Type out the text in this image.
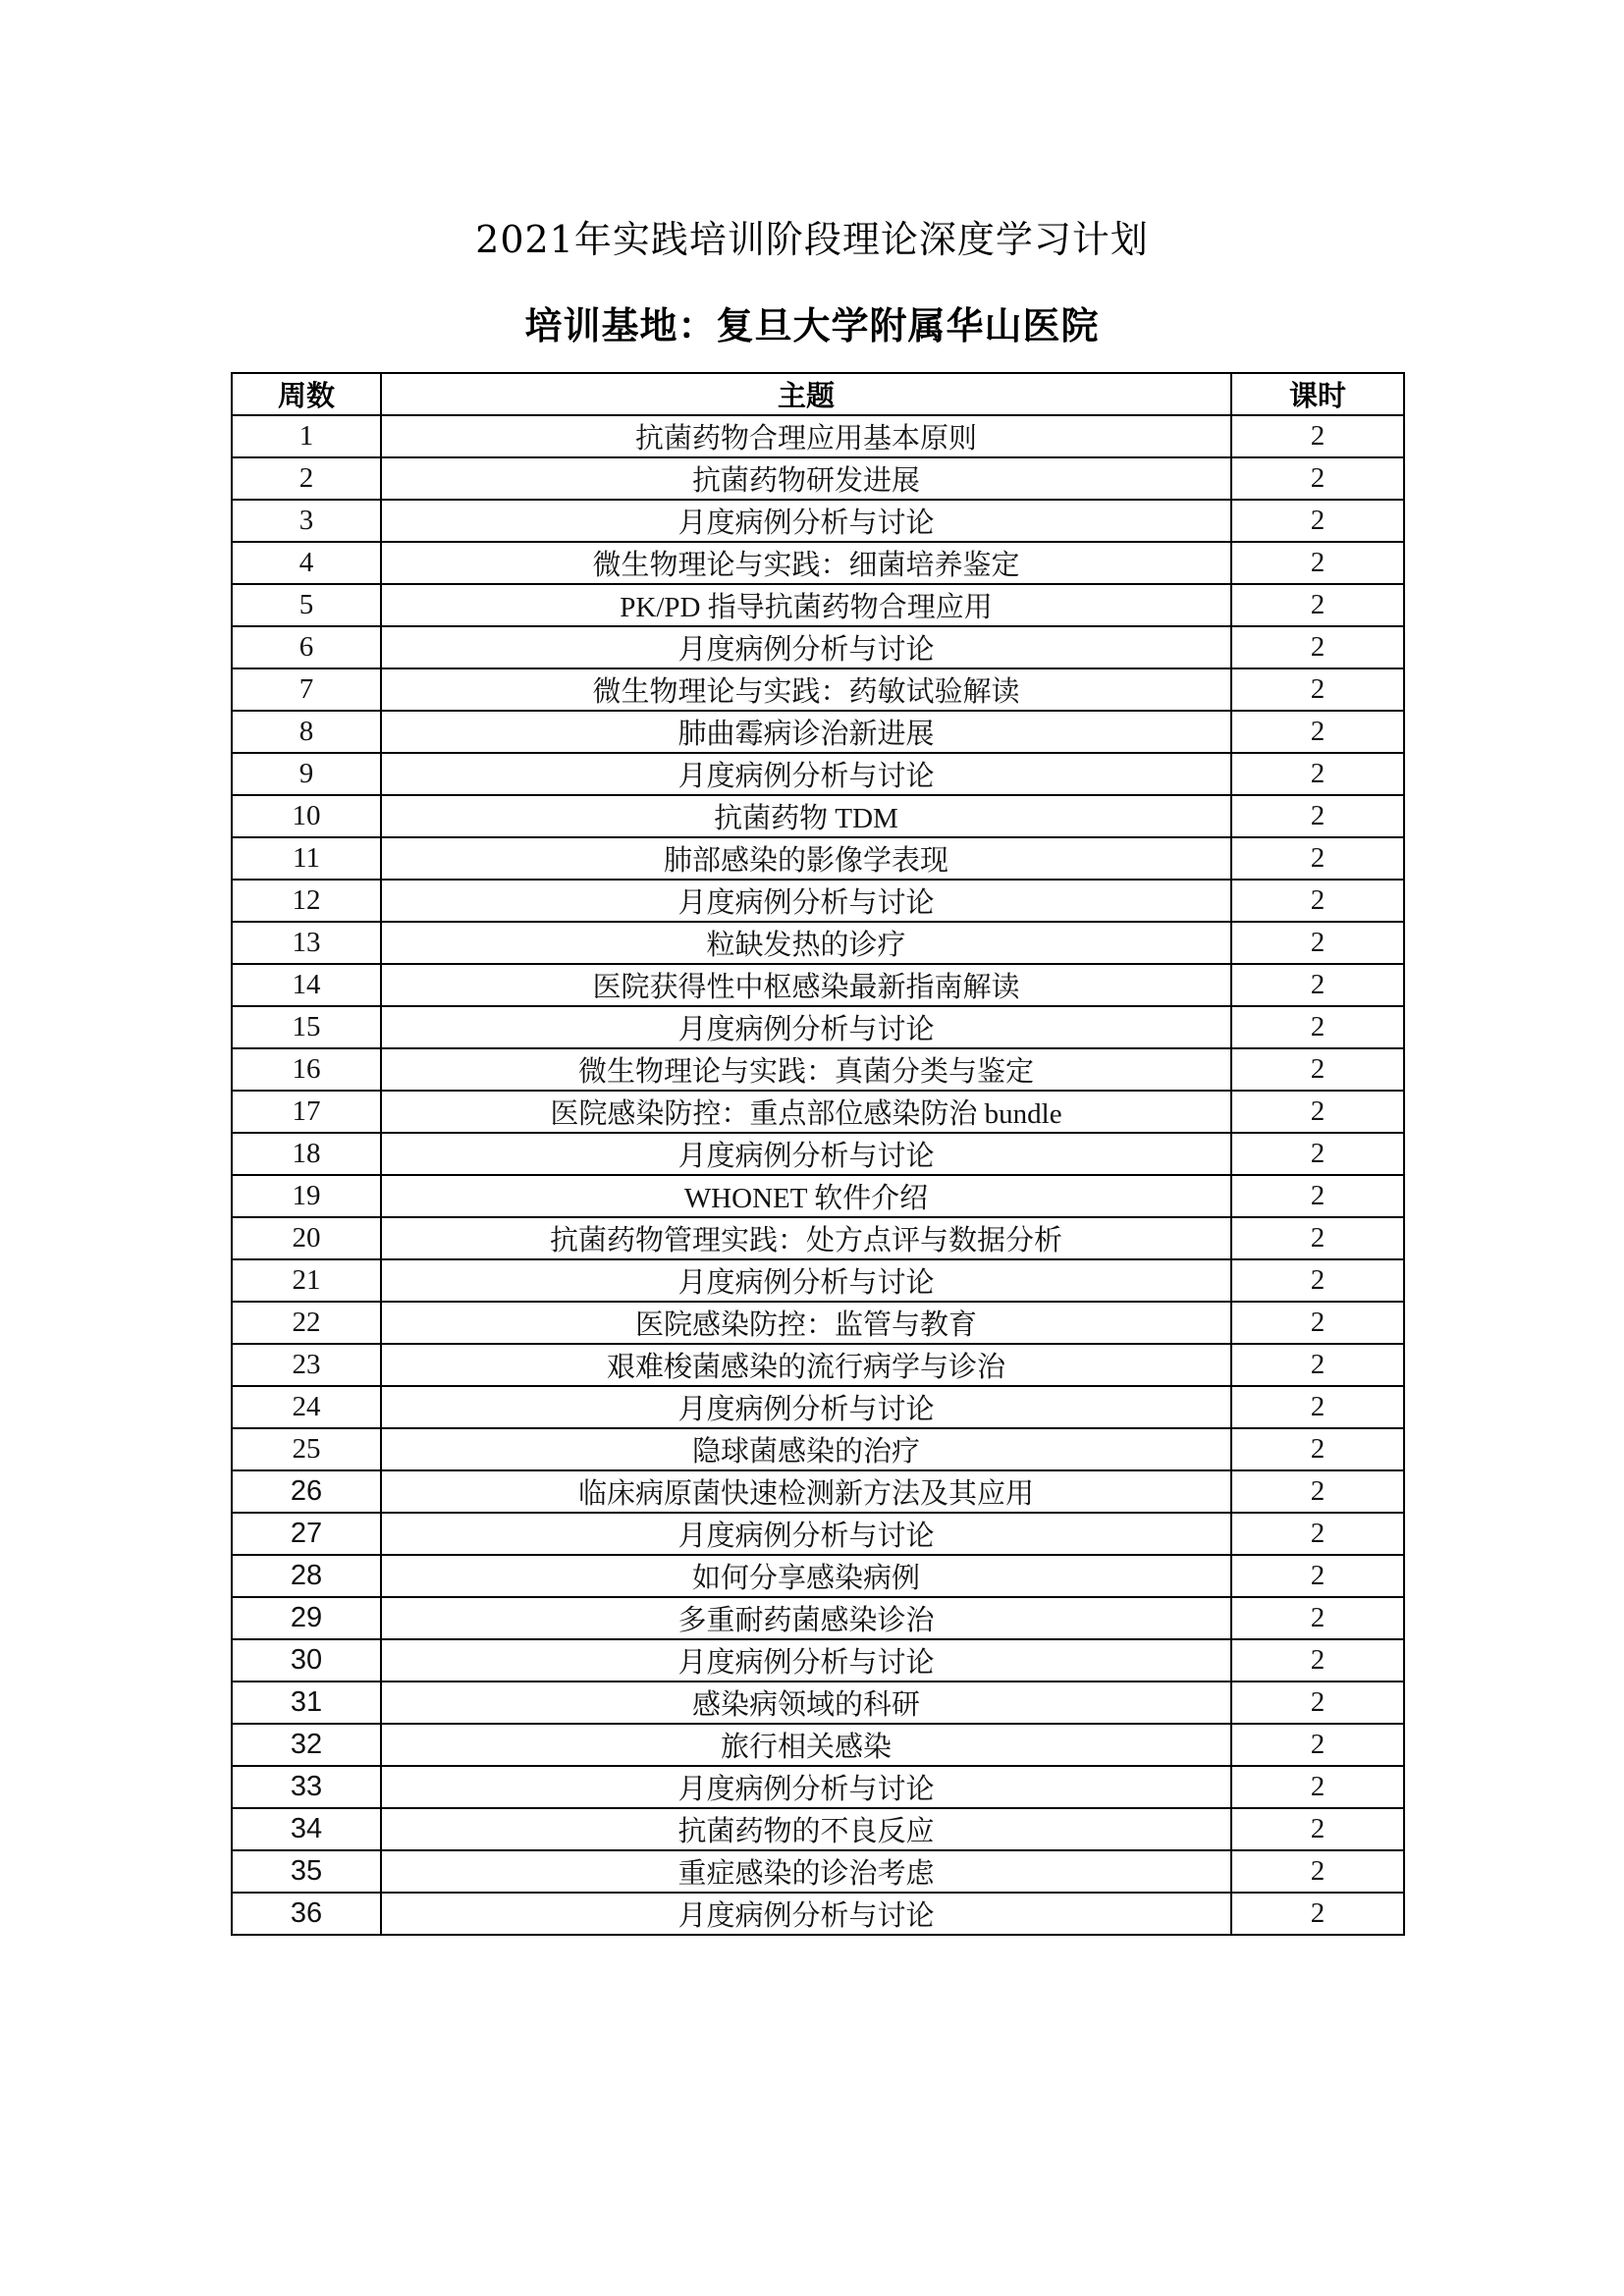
2021年实践培训阶段理论深度学习计划
培训基地：复旦大学附属华山医院
周数	主题	课时
1	抗菌药物合理应用基本原则	2
2	抗菌药物研发进展	2
3	月度病例分析与讨论	2
4	微生物理论与实践：细菌培养鉴定	2
5	PK/PD 指导抗菌药物合理应用	2
6	月度病例分析与讨论	2
7	微生物理论与实践：药敏试验解读	2
8	肺曲霉病诊治新进展	2
9	月度病例分析与讨论	2
10	抗菌药物 TDM	2
11	肺部感染的影像学表现	2
12	月度病例分析与讨论	2
13	粒缺发热的诊疗	2
14	医院获得性中枢感染最新指南解读	2
15	月度病例分析与讨论	2
16	微生物理论与实践：真菌分类与鉴定	2
17	医院感染防控：重点部位感染防治 bundle	2
18	月度病例分析与讨论	2
19	WHONET 软件介绍	2
20	抗菌药物管理实践：处方点评与数据分析	2
21	月度病例分析与讨论	2
22	医院感染防控：监管与教育	2
23	艰难梭菌感染的流行病学与诊治	2
24	月度病例分析与讨论	2
25	隐球菌感染的治疗	2
26	临床病原菌快速检测新方法及其应用	2
27	月度病例分析与讨论	2
28	如何分享感染病例	2
29	多重耐药菌感染诊治	2
30	月度病例分析与讨论	2
31	感染病领域的科研	2
32	旅行相关感染	2
33	月度病例分析与讨论	2
34	抗菌药物的不良反应	2
35	重症感染的诊治考虑	2
36	月度病例分析与讨论	2
